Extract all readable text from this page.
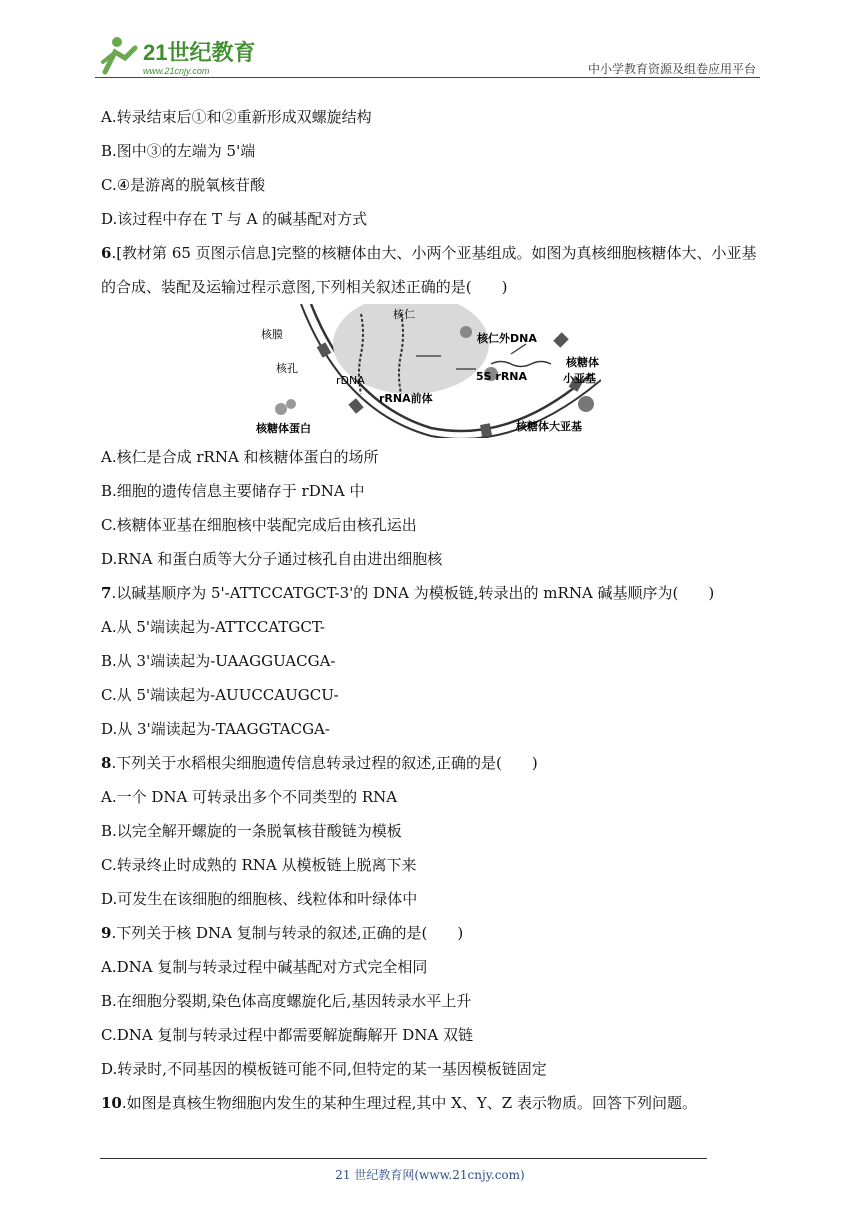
21世纪教育
www.21cnjy.com	中小学教育资源及组卷应用平台
A.转录结束后①和②重新形成双螺旋结构
B.图中③的左端为 5'端
C.④是游离的脱氧核苷酸
D.该过程中存在 T 与 A 的碱基配对方式
6.[教材第 65 页图示信息]完整的核糖体由大、小两个亚基组成。如图为真核细胞核糖体大、小亚基的合成、装配及运输过程示意图,下列相关叙述正确的是(　　)
核仁
核膜
核孔
rDNA
核仁外DNA
5S rRNA
rRNA前体
核糖体
小亚基
核糖体大亚基
核糖体蛋白
A.核仁是合成 rRNA 和核糖体蛋白的场所
B.细胞的遗传信息主要储存于 rDNA 中
C.核糖体亚基在细胞核中装配完成后由核孔运出
D.RNA 和蛋白质等大分子通过核孔自由进出细胞核
7.以碱基顺序为 5'-ATTCCATGCT-3'的 DNA 为模板链,转录出的 mRNA 碱基顺序为(　　)
A.从 5'端读起为-ATTCCATGCT-
B.从 3'端读起为-UAAGGUACGA-
C.从 5'端读起为-AUUCCAUGCU-
D.从 3'端读起为-TAAGGTACGA-
8.下列关于水稻根尖细胞遗传信息转录过程的叙述,正确的是(　　)
A.一个 DNA 可转录出多个不同类型的 RNA
B.以完全解开螺旋的一条脱氧核苷酸链为模板
C.转录终止时成熟的 RNA 从模板链上脱离下来
D.可发生在该细胞的细胞核、线粒体和叶绿体中
9.下列关于核 DNA 复制与转录的叙述,正确的是(　　)
A.DNA 复制与转录过程中碱基配对方式完全相同
B.在细胞分裂期,染色体高度螺旋化后,基因转录水平上升
C.DNA 复制与转录过程中都需要解旋酶解开 DNA 双链
D.转录时,不同基因的模板链可能不同,但特定的某一基因模板链固定
10.如图是真核生物细胞内发生的某种生理过程,其中 X、Y、Z 表示物质。回答下列问题。
21 世纪教育网(www.21cnjy.com)
